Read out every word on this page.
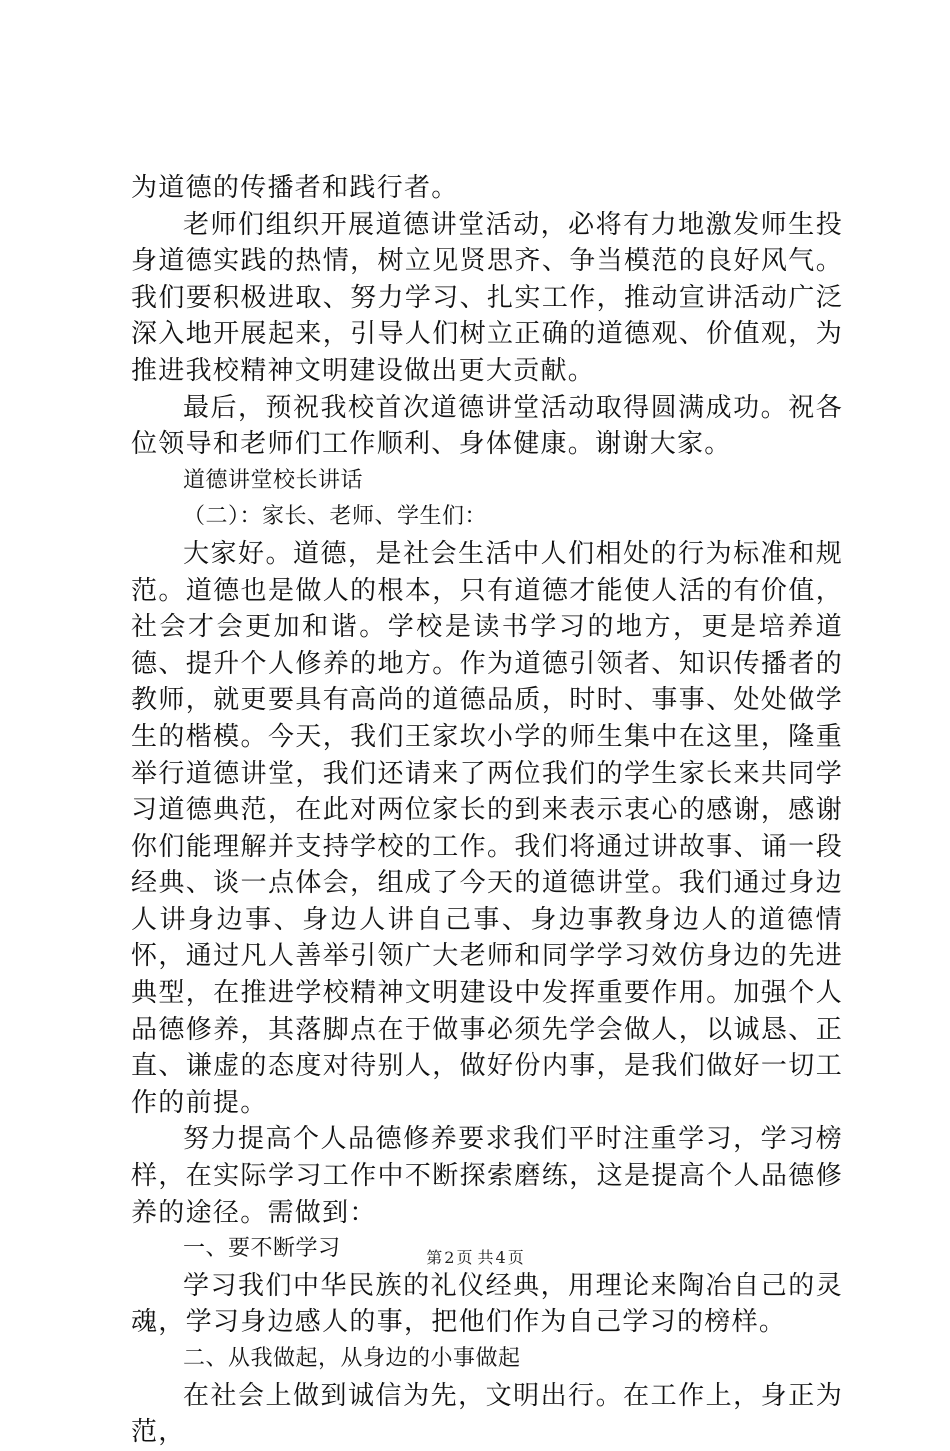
为道德的传播者和践行者。

老师们组织开展道德讲堂活动，必将有力地激发师生投身道德实践的热情，树立见贤思齐、争当模范的良好风气。我们要积极进取、努力学习、扎实工作，推动宣讲活动广泛深入地开展起来，引导人们树立正确的道德观、价值观，为推进我校精神文明建设做出更大贡献。

最后，预祝我校首次道德讲堂活动取得圆满成功。祝各位领导和老师们工作顺利、身体健康。谢谢大家。

道德讲堂校长讲话

（二）：家长、老师、学生们：

大家好。道德，是社会生活中人们相处的行为标准和规范。道德也是做人的根本，只有道德才能使人活的有价值，社会才会更加和谐。学校是读书学习的地方，更是培养道德、提升个人修养的地方。作为道德引领者、知识传播者的教师，就更要具有高尚的道德品质，时时、事事、处处做学生的楷模。今天，我们王家坎小学的师生集中在这里，隆重举行道德讲堂，我们还请来了两位我们的学生家长来共同学习道德典范，在此对两位家长的到来表示衷心的感谢，感谢你们能理解并支持学校的工作。我们将通过讲故事、诵一段经典、谈一点体会，组成了今天的道德讲堂。我们通过身边人讲身边事、身边人讲自己事、身边事教身边人的道德情怀，通过凡人善举引领广大老师和同学学习效仿身边的先进典型，在推进学校精神文明建设中发挥重要作用。加强个人品德修养，其落脚点在于做事必须先学会做人，以诚恳、正直、谦虚的态度对待别人，做好份内事，是我们做好一切工作的前提。

努力提高个人品德修养要求我们平时注重学习，学习榜样，在实际学习工作中不断探索磨练，这是提高个人品德修养的途径。需做到：

一、要不断学习

学习我们中华民族的礼仪经典，用理论来陶冶自己的灵魂，学习身边感人的事，把他们作为自己学习的榜样。

二、从我做起，从身边的小事做起

在社会上做到诚信为先，文明出行。在工作上，身正为范，

第 2 页 共 4 页
